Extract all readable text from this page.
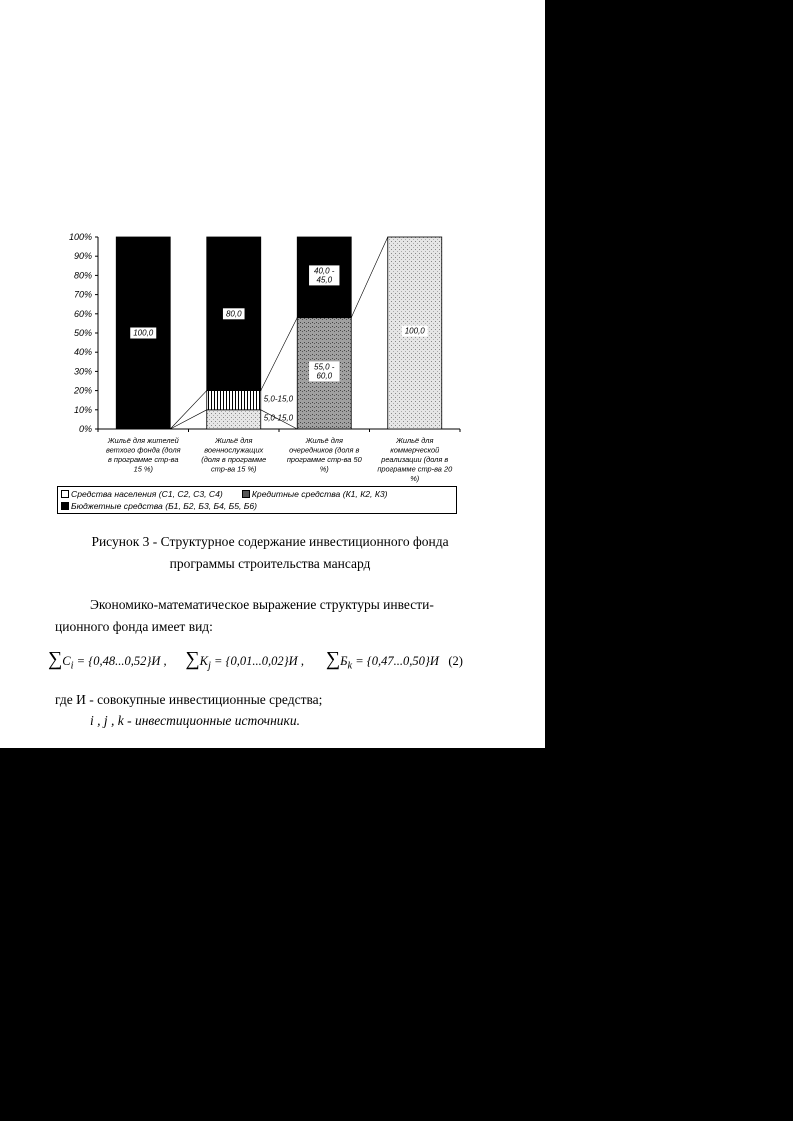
0%
10%
20%
30%
40%
50%
60%
70%
80%
90%
100%
100,0
80,0
5,0-15,0
5,0-15,0
40,0 -
45,0
55,0 -
60,0
100,0
Жильё для жителей
ветхого фонда (доля
в программе стр-ва
15 %)
Жильё для
военнослужащих
(доля в программе
стр-ва 15 %)
Жильё для
очередников (доля в
программе стр-ва 50
%)
Жильё для
коммерческой
реализации (доля в
программе стр-ва 20
%)
Средства населения (С1, С2, С3, С4)	Кредитные средства (К1, К2, К3)
Бюджетные средства (Б1, Б2, Б3, Б4, Б5, Б6)
Рисунок 3 - Структурное содержание инвестиционного фонда
программы строительства мансард
Экономико-математическое выражение структуры инвести-
ционного фонда имеет вид:
$\sum C_i = \{0,48...0,52\}И$ , $\sum K_j = \{0,01...0,02\}И$ , $\sum Б_k = \{0,47...0,50\}И$ (2)
где И - совокупные инвестиционные средства;
i , j , k - инвестиционные источники.
